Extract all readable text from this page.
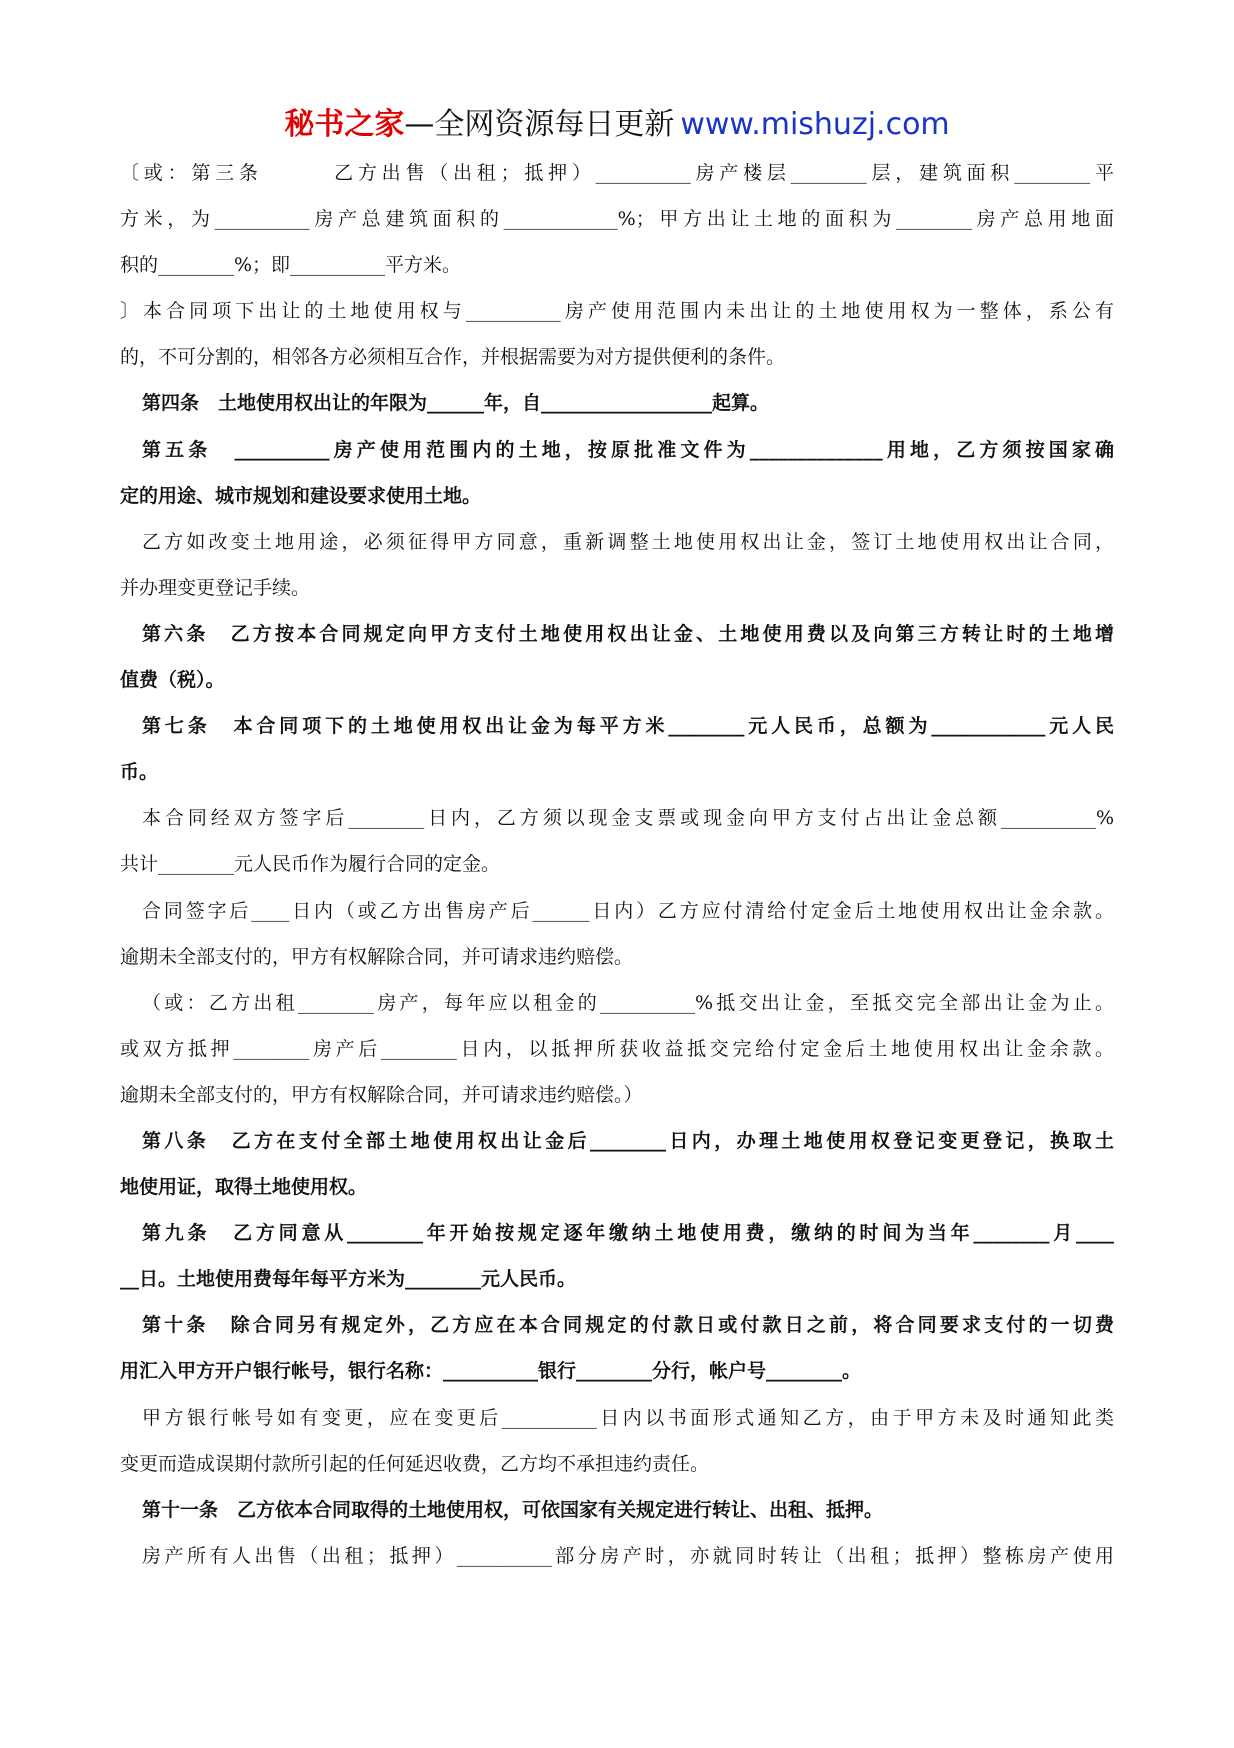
秘书之家—全网资源每日更新 www.mishuzj.com
〔或：第三条　　　乙方出售（出租；抵押）__________房产楼层________层，建筑面积________平
方米，为__________房产总建筑面积的____________%；甲方出让土地的面积为________房产总用地面
积的________%；即__________平方米。
〕本合同项下出让的土地使用权与__________房产使用范围内未出让的土地使用权为一整体，系公有
的，不可分割的，相邻各方必须相互合作，并根据需要为对方提供便利的条件。
第四条　土地使用权出让的年限为______年，自__________________起算。
第五条　__________房产使用范围内的土地，按原批准文件为______________用地，乙方须按国家确
定的用途、城市规划和建设要求使用土地。
乙方如改变土地用途，必须征得甲方同意，重新调整土地使用权出让金，签订土地使用权出让合同，
并办理变更登记手续。
第六条　乙方按本合同规定向甲方支付土地使用权出让金、土地使用费以及向第三方转让时的土地增
值费（税）。
第七条　本合同项下的土地使用权出让金为每平方米________元人民币，总额为____________元人民
币。
本合同经双方签字后________日内，乙方须以现金支票或现金向甲方支付占出让金总额__________%
共计________元人民币作为履行合同的定金。
合同签字后____日内（或乙方出售房产后______日内）乙方应付清给付定金后土地使用权出让金余款。
逾期未全部支付的，甲方有权解除合同，并可请求违约赔偿。
（或：乙方出租________房产，每年应以租金的__________%抵交出让金，至抵交完全部出让金为止。
或双方抵押________房产后________日内，以抵押所获收益抵交完给付定金后土地使用权出让金余款。
逾期未全部支付的，甲方有权解除合同，并可请求违约赔偿。）
第八条　乙方在支付全部土地使用权出让金后________日内，办理土地使用权登记变更登记，换取土
地使用证，取得土地使用权。
第九条　乙方同意从________年开始按规定逐年缴纳土地使用费，缴纳的时间为当年________月____
__日。土地使用费每年每平方米为________元人民币。
第十条　除合同另有规定外，乙方应在本合同规定的付款日或付款日之前，将合同要求支付的一切费
用汇入甲方开户银行帐号，银行名称：__________银行________分行，帐户号________。
甲方银行帐号如有变更，应在变更后__________日内以书面形式通知乙方，由于甲方未及时通知此类
变更而造成误期付款所引起的任何延迟收费，乙方均不承担违约责任。
第十一条　乙方依本合同取得的土地使用权，可依国家有关规定进行转让、出租、抵押。
房产所有人出售（出租；抵押）__________部分房产时，亦就同时转让（出租；抵押）整栋房产使用
